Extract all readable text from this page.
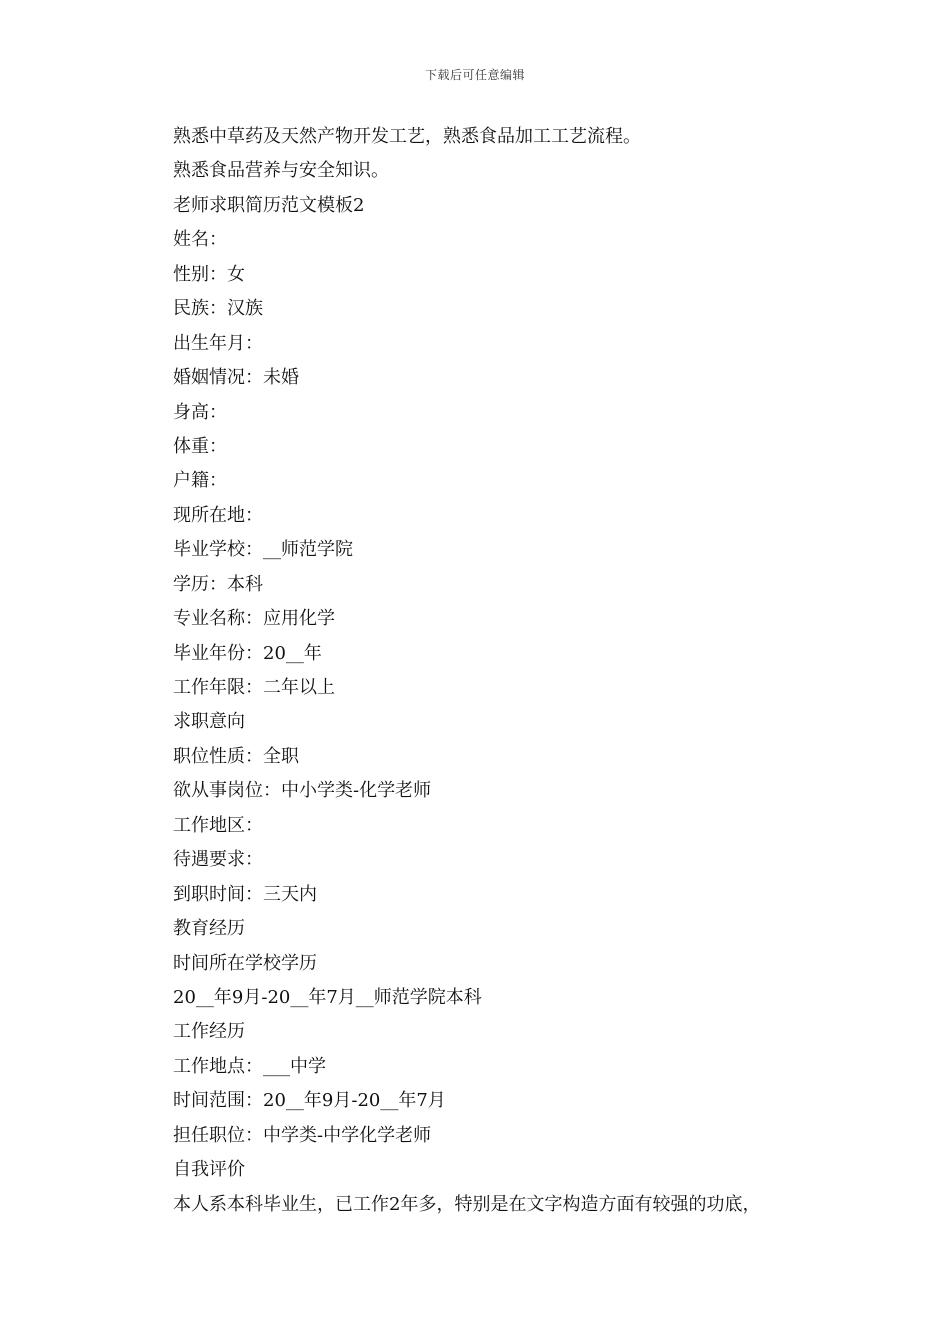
下载后可任意编辑
熟悉中草药及天然产物开发工艺，熟悉食品加工工艺流程。
熟悉食品营养与安全知识。
老师求职简历范文模板2
姓名：
性别：女
民族：汉族
出生年月：
婚姻情况：未婚
身高：
体重：
户籍：
现所在地：
毕业学校：__师范学院
学历：本科
专业名称：应用化学
毕业年份：20__年
工作年限：二年以上
求职意向
职位性质：全职
欲从事岗位：中小学类-化学老师
工作地区：
待遇要求：
到职时间：三天内
教育经历
时间所在学校学历
20__年9月-20__年7月__师范学院本科
工作经历
工作地点：___中学
时间范围：20__年9月-20__年7月
担任职位：中学类-中学化学老师
自我评价
本人系本科毕业生，已工作2年多，特别是在文字构造方面有较强的功底，
